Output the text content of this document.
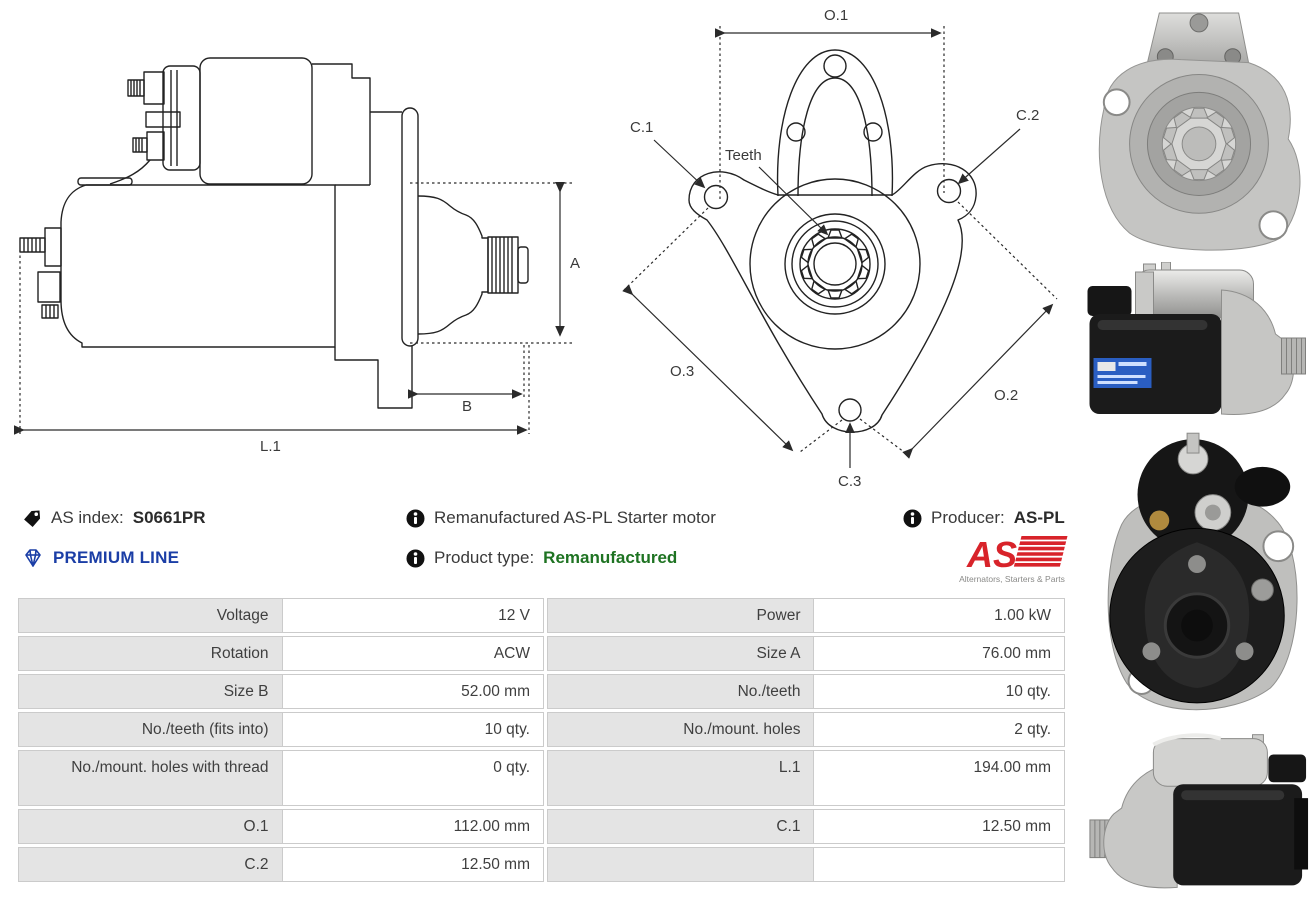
A
B
L.1
O.1
C.1
C.2
Teeth
O.3
O.2
C.3
AS index: S0661PR	Remanufactured AS-PL Starter motor	Producer: AS-PL
PREMIUM LINE	Product type: Remanufactured	AS
Alternators, Starters & Parts
Voltage	12 V	Power	1.00 kW
Rotation	ACW	Size A	76.00 mm
Size B	52.00 mm	No./teeth	10 qty.
No./teeth (fits into)	10 qty.	No./mount. holes	2 qty.
No./mount. holes with thread	0 qty.	L.1	194.00 mm
O.1	112.00 mm	C.1	12.50 mm
C.2	12.50 mm
